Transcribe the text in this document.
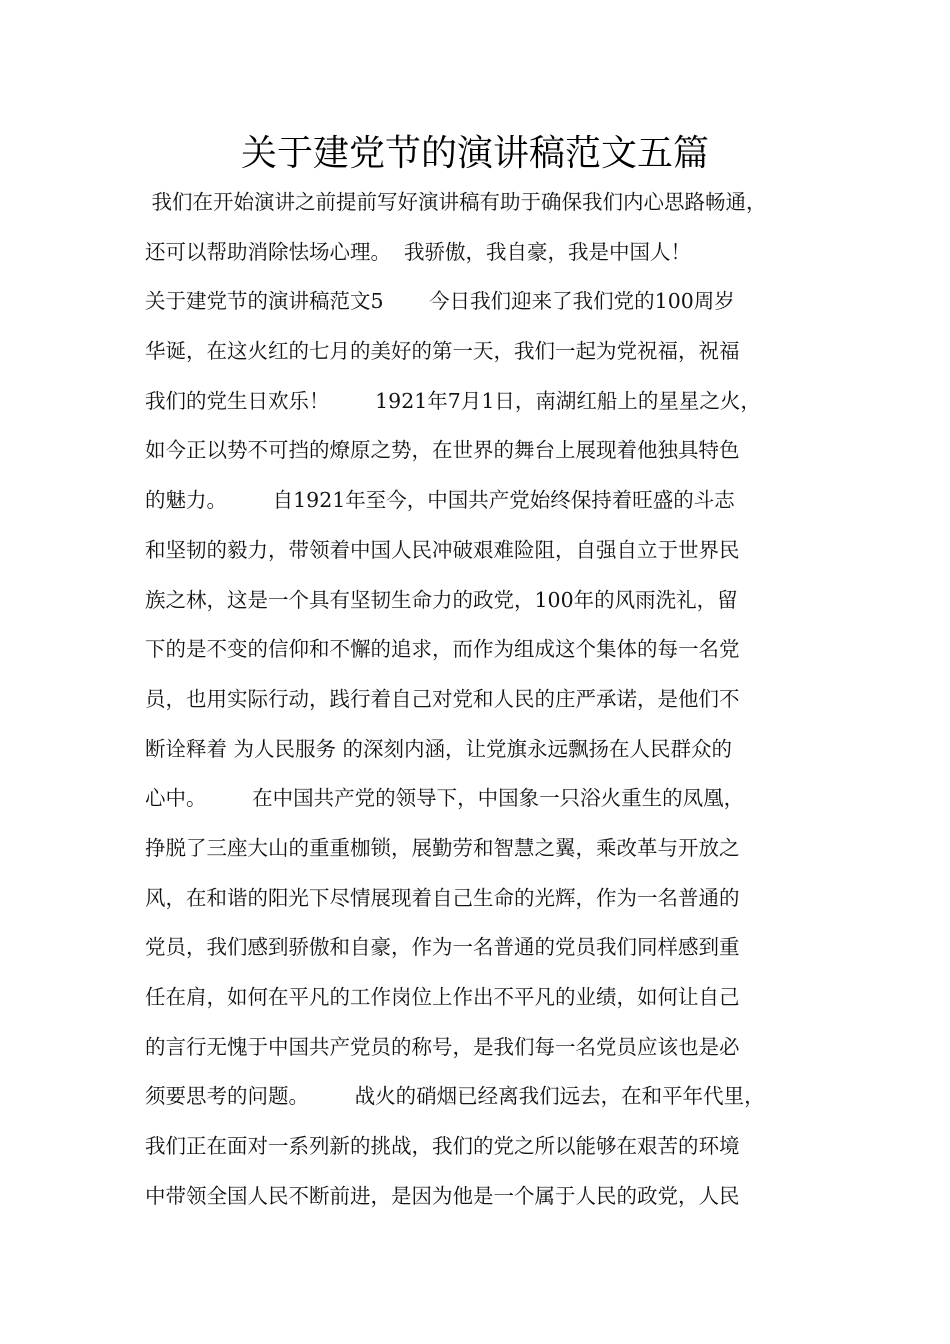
关于建党节的演讲稿范文五篇
我们在开始演讲之前提前写好演讲稿有助于确保我们内心思路畅通，
还可以帮助消除怯场心理。  我骄傲，我自豪，我是中国人！
关于建党节的演讲稿范文5       今日我们迎来了我们党的100周岁
华诞，在这火红的七月的美好的第一天，我们一起为党祝福，祝福
我们的党生日欢乐！       1921年7月1日，南湖红船上的星星之火，
如今正以势不可挡的燎原之势，在世界的舞台上展现着他独具特色
的魅力。       自1921年至今，中国共产党始终保持着旺盛的斗志
和坚韧的毅力，带领着中国人民冲破艰难险阻，自强自立于世界民
族之林，这是一个具有坚韧生命力的政党，100年的风雨洗礼，留
下的是不变的信仰和不懈的追求，而作为组成这个集体的每一名党
员，也用实际行动，践行着自己对党和人民的庄严承诺，是他们不
断诠释着 为人民服务 的深刻内涵，让党旗永远飘扬在人民群众的
心中。       在中国共产党的领导下，中国象一只浴火重生的凤凰，
挣脱了三座大山的重重枷锁，展勤劳和智慧之翼，乘改革与开放之
风，在和谐的阳光下尽情展现着自己生命的光辉，作为一名普通的
党员，我们感到骄傲和自豪，作为一名普通的党员我们同样感到重
任在肩，如何在平凡的工作岗位上作出不平凡的业绩，如何让自己
的言行无愧于中国共产党员的称号，是我们每一名党员应该也是必
须要思考的问题。       战火的硝烟已经离我们远去，在和平年代里，
我们正在面对一系列新的挑战，我们的党之所以能够在艰苦的环境
中带领全国人民不断前进，是因为他是一个属于人民的政党，人民
